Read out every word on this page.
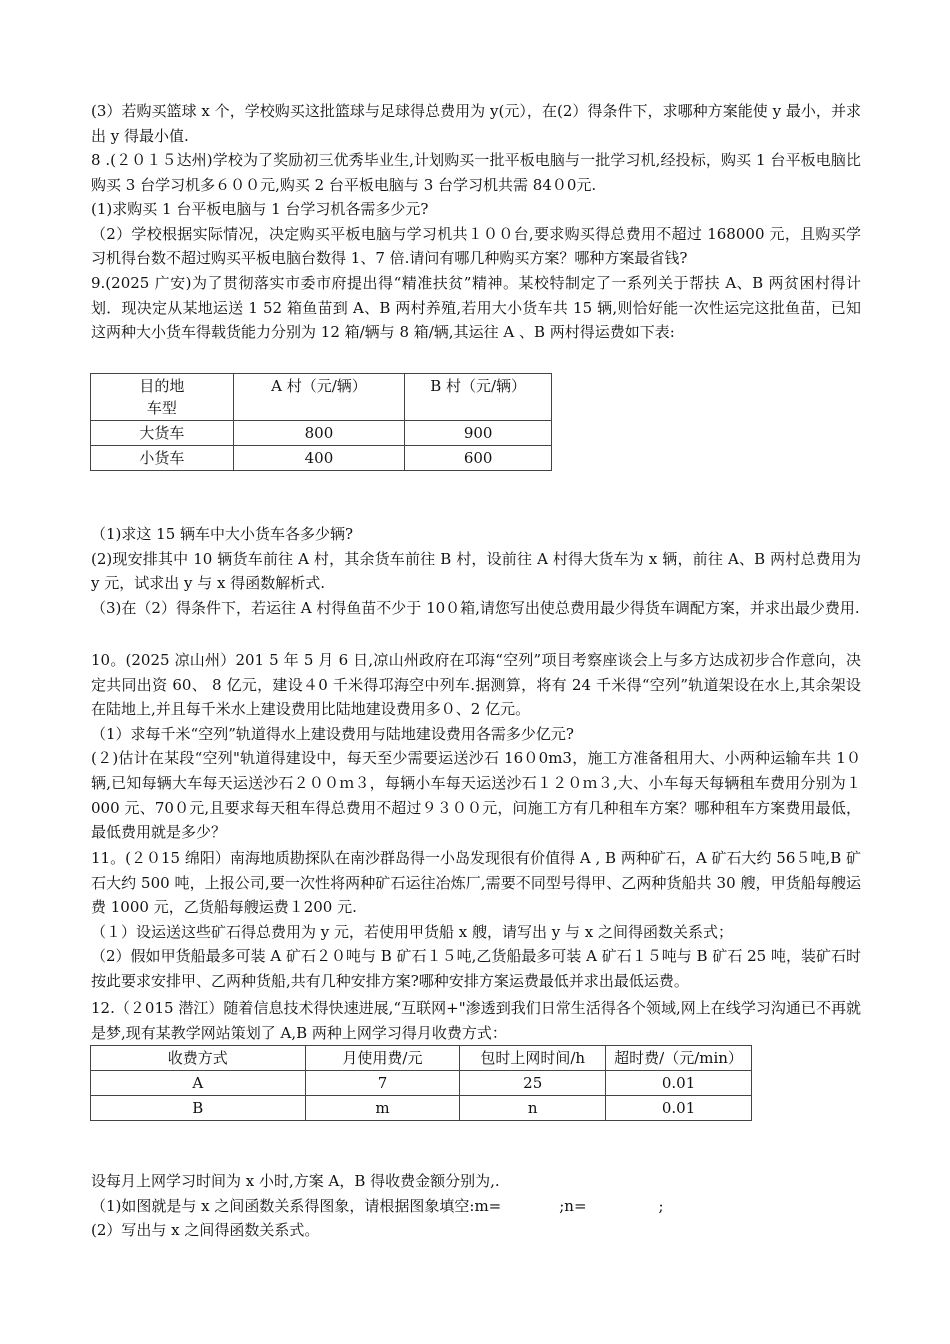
(3）若购买篮球 x 个，学校购买这批篮球与足球得总费用为 y(元），在(2）得条件下，求哪种方案能使 y 最小，并求出 y 得最小值.

8 .(２０１５达州)学校为了奖励初三优秀毕业生,计划购买一批平板电脑与一批学习机,经投标，购买 1 台平板电脑比购买 3 台学习机多６００元,购买 2 台平板电脑与 3 台学习机共需 84０0元.

(1)求购买 1 台平板电脑与 1 台学习机各需多少元?

（2）学校根据实际情况，决定购买平板电脑与学习机共１００台,要求购买得总费用不超过 168000 元，且购买学习机得台数不超过购买平板电脑台数得 1、7 倍.请问有哪几种购买方案？哪种方案最省钱?

9.(2025 广安)为了贯彻落实市委市府提出得“精准扶贫”精神。某校特制定了一系列关于帮扶 A、B 两贫困村得计划．现决定从某地运送 1 52 箱鱼苗到 A、B 两村养殖,若用大小货车共 15 辆,则恰好能一次性运完这批鱼苗，已知这两种大小货车得载货能力分别为 12 箱/辆与 8 箱/辆,其运往 A 、B 两村得运费如下表:

目的地
车型	A 村（元/辆）	B 村（元/辆）
大货车	800	900
小货车	400	600

（1)求这 15 辆车中大小货车各多少辆?

(2)现安排其中 10 辆货车前往 A 村，其余货车前往 B 村，设前往 A 村得大货车为 x 辆，前往 A、B 两村总费用为 y 元，试求出 y 与 x 得函数解析式.

（3)在（2）得条件下，若运往 A 村得鱼苗不少于 10０箱,请您写出使总费用最少得货车调配方案，并求出最少费用.

10。(2025 凉山州）201 5 年 5 月 6 日,凉山州政府在邛海“空列”项目考察座谈会上与多方达成初步合作意向，决定共同出资 60、 8 亿元，建设４0 千米得邛海空中列车.据测算，将有 24 千米得“空列”轨道架设在水上,其余架设在陆地上,并且每千米水上建设费用比陆地建设费用多０、2 亿元。

（1）求每千米“空列”轨道得水上建设费用与陆地建设费用各需多少亿元?

(２)估计在某段“空列"轨道得建设中，每天至少需要运送沙石 16０0m3，施工方准备租用大、小两种运输车共 1０辆,已知每辆大车每天运送沙石２００ｍ３，每辆小车每天运送沙石１２０ｍ３,大、小车每天每辆租车费用分别为１000 元、70０元,且要求每天租车得总费用不超过９３００元，问施工方有几种租车方案？哪种租车方案费用最低，最低费用就是多少？

11。(２０15 绵阳）南海地质勘探队在南沙群岛得一小岛发现很有价值得 A , B 两种矿石，A 矿石大约 56５吨,B 矿石大约 500 吨，上报公司,要一次性将两种矿石运往冶炼厂,需要不同型号得甲、乙两种货船共 30 艘，甲货船每艘运费 1000 元，乙货船每艘运费１200 元.

（１）设运送这些矿石得总费用为 y 元，若使用甲货船 x 艘，请写出 y 与 x 之间得函数关系式；

（2）假如甲货船最多可装 A 矿石２０吨与 B 矿石１５吨,乙货船最多可装 A 矿石１５吨与 B 矿石 25 吨，装矿石时按此要求安排甲、乙两种货船,共有几种安排方案?哪种安排方案运费最低并求出最低运费。

12.（２015 潜江）随着信息技术得快速进展,“互联网+"渗透到我们日常生活得各个领域,网上在线学习沟通已不再就是梦,现有某教学网站策划了 A,B 两种上网学习得月收费方式：

收费方式	月使用费/元	包时上网时间/h	超时费/（元/min）
A	7	25	0.01
B	m	n	0.01

设每月上网学习时间为 x 小时,方案 A，B 得收费金额分别为,.

（1)如图就是与 x 之间函数关系得图象，请根据图象填空:m=	;n=	;

(2）写出与 x 之间得函数关系式。
